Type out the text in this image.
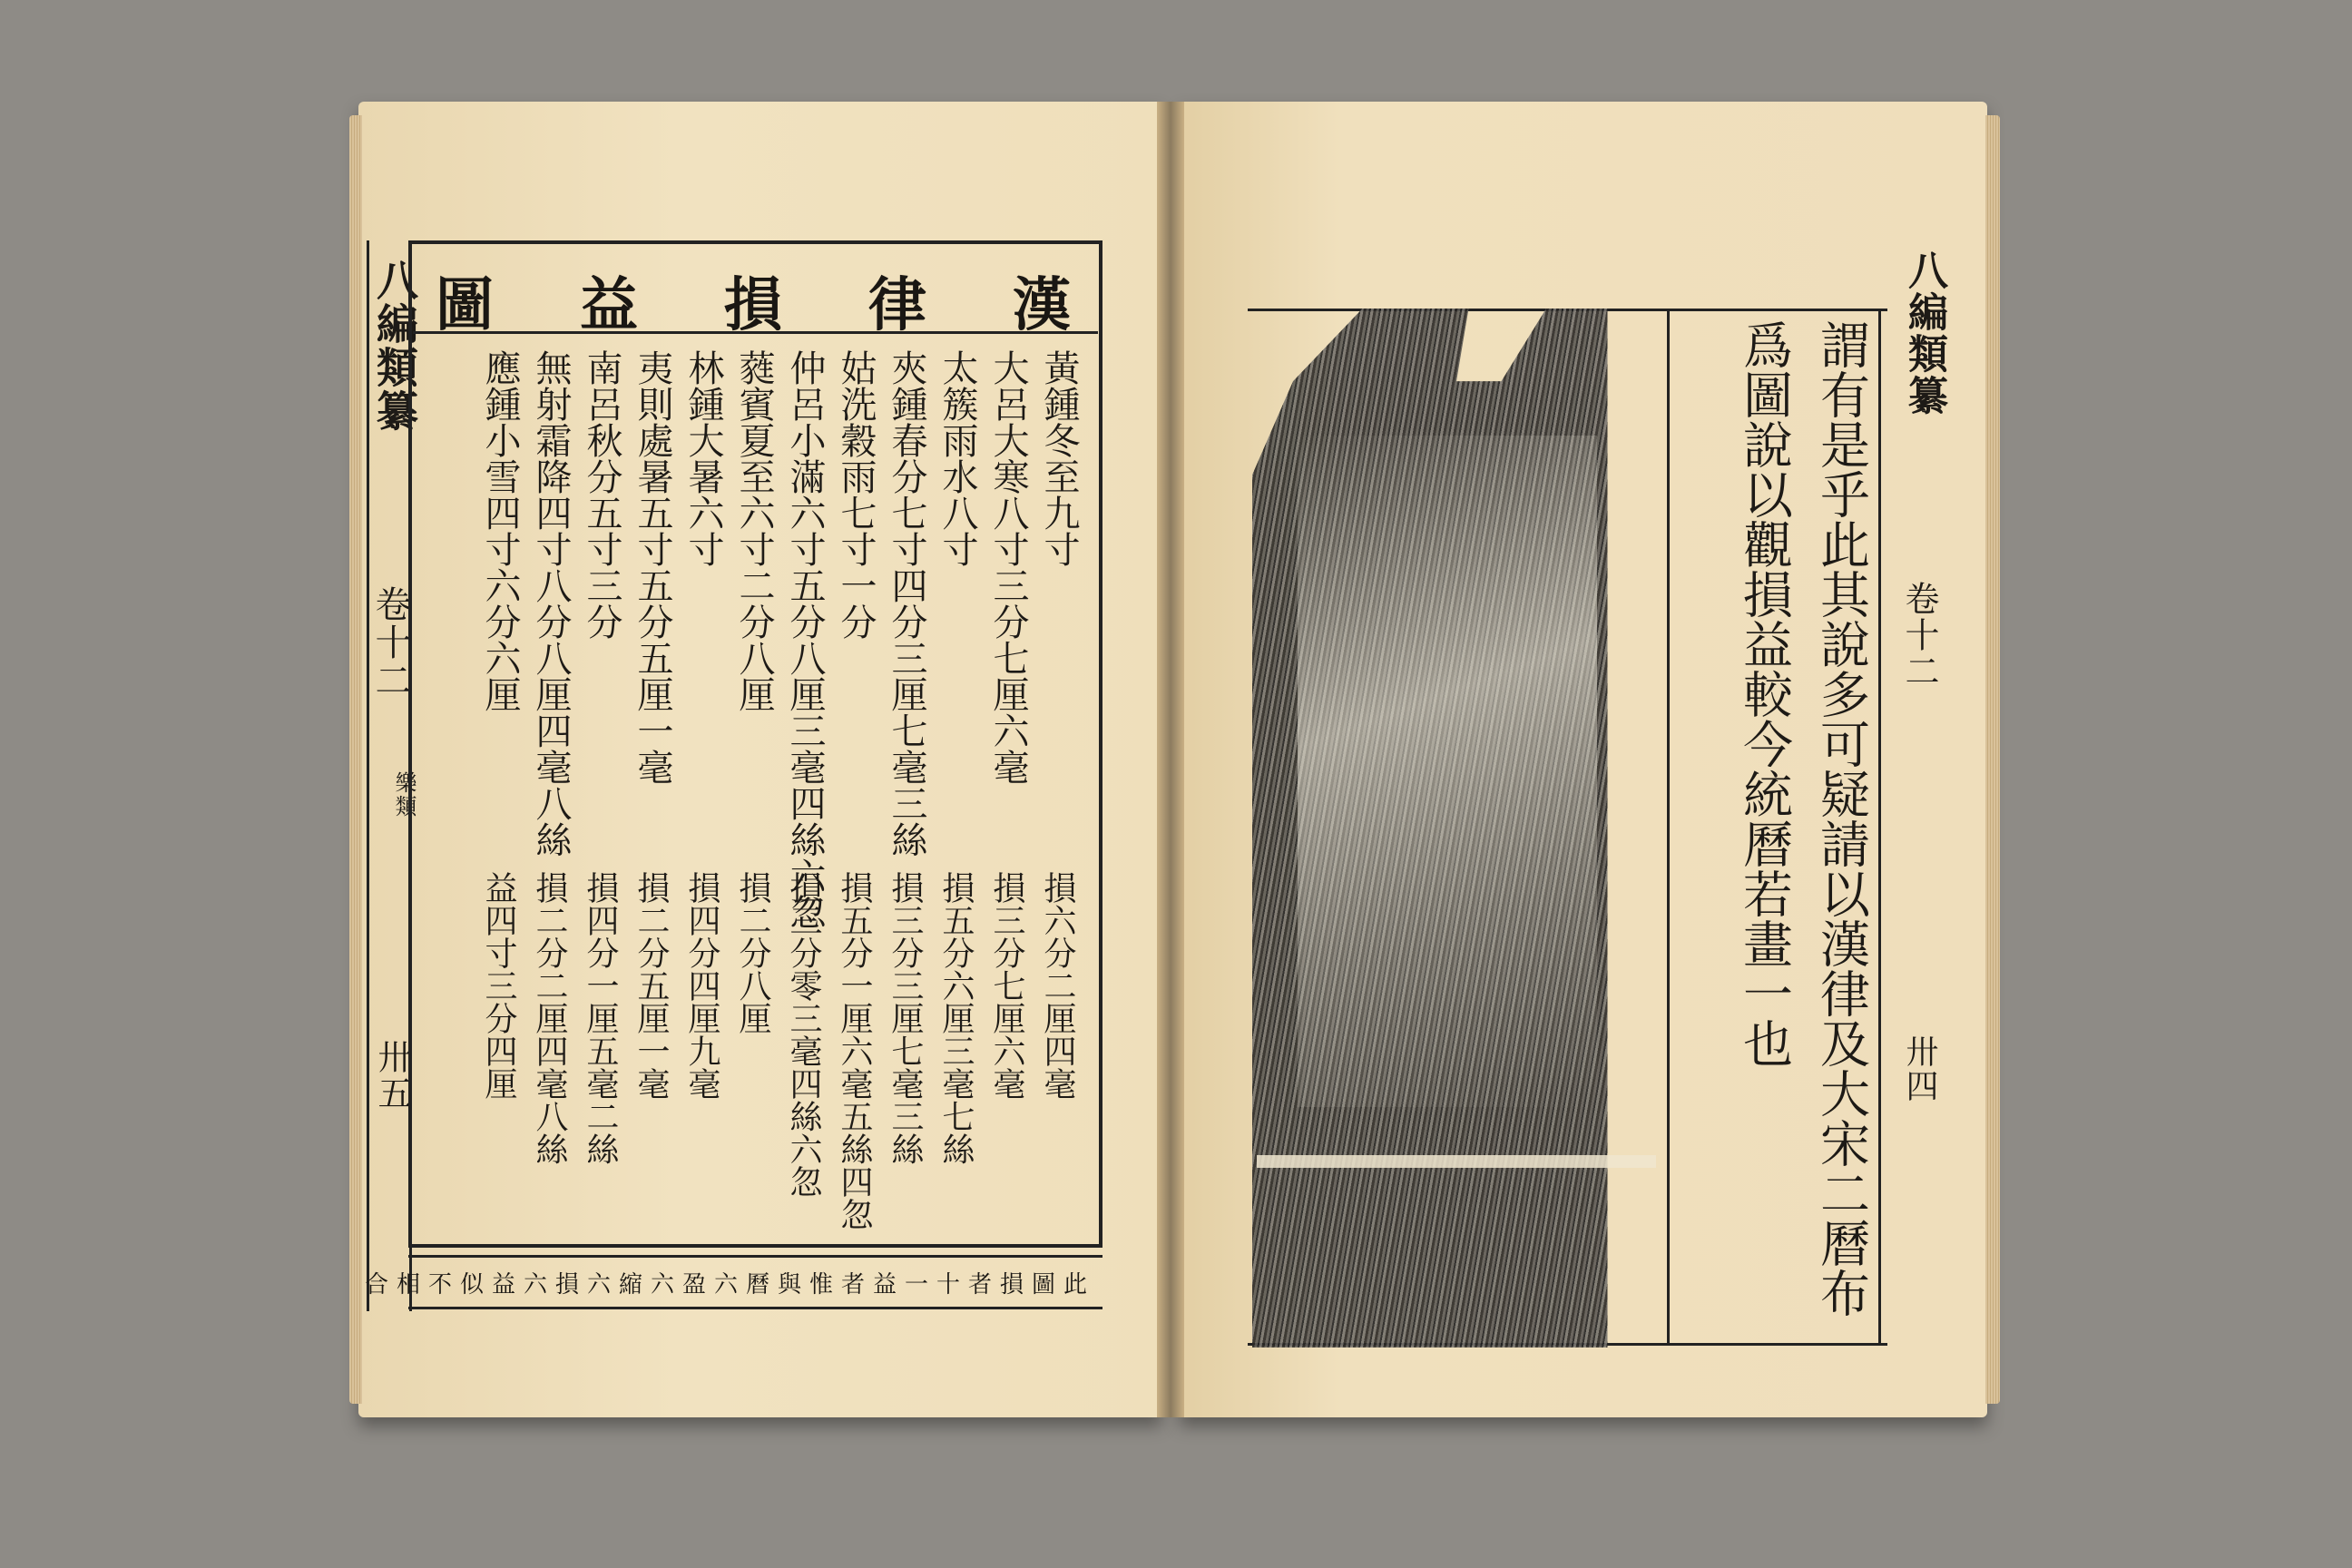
八編類纂
卷十二
樂類
卅五
圖 益 損 律 漢
黃鍾冬至九寸
大呂大寒八寸三分七厘六毫
太簇雨水八寸
夾鍾春分七寸四分三厘七毫三絲
姑洗穀雨七寸一分
仲呂小滿六寸五分八厘三毫四絲六忽
蕤賓夏至六寸二分八厘
林鍾大暑六寸
夷則處暑五寸五分五厘一毫
南呂秋分五寸三分
無射霜降四寸八分八厘四毫八絲
應鍾小雪四寸六分六厘
損六分二厘四毫
損三分七厘六毫
損五分六厘三毫七絲
損三分三厘七毫三絲
損五分一厘六毫五絲四忽
損三分零三毫四絲六忽
損二分八厘
損四分四厘九毫
損二分五厘一毫
損四分一厘五毫二絲
損二分二厘四毫八絲
益四寸三分四厘
此圖損者十一益者惟與曆六盈六縮六損六益似不相合	謂有是乎此其說多可疑請以漢律及大宋二曆布
爲圖說以觀損益較今統曆若畫一也	八編類纂
卷十二
卅四
